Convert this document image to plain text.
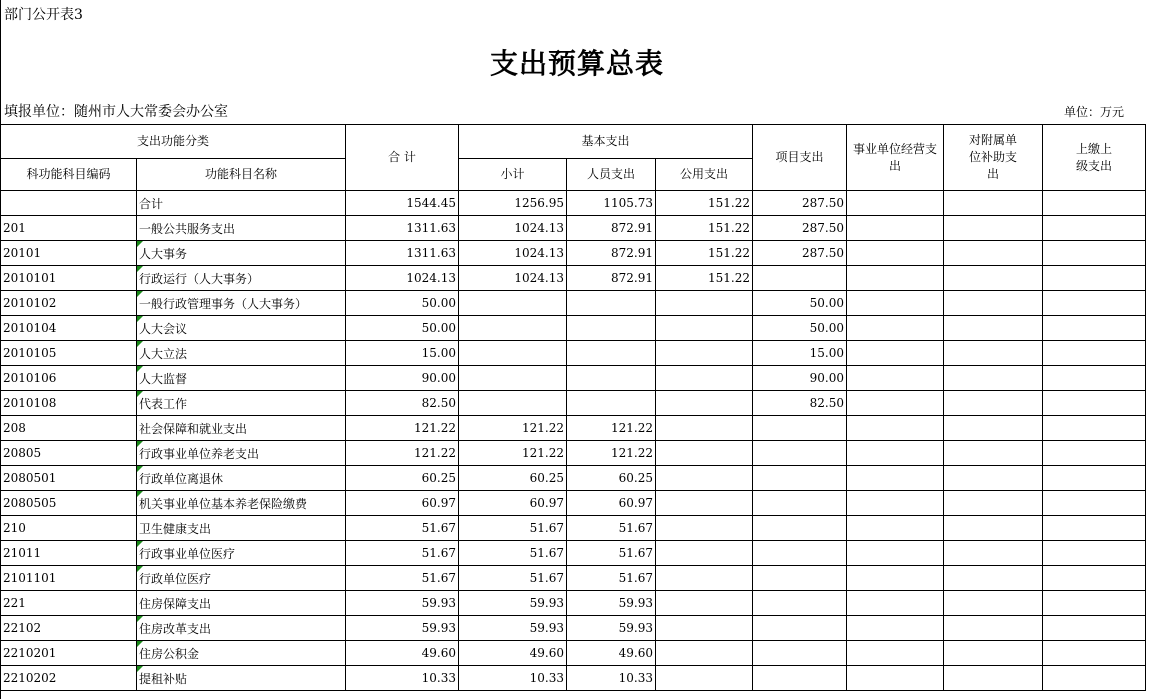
部门公开表3
支出预算总表
填报单位：随州市人大常委会办公室	单位：万元
支出功能分类		合 计	基本支出			项目支出	事业单位经营支出	对附属单位补助支出	上缴上级支出
科功能科目编码	功能科目名称		小计	人员支出	公用支出				
	合计	1544.45	1256.95	1105.73	151.22	287.50			
201	一般公共服务支出	1311.63	1024.13	872.91	151.22	287.50			
20101	人大事务	1311.63	1024.13	872.91	151.22	287.50			
2010101	行政运行（人大事务）	1024.13	1024.13	872.91	151.22				
2010102	一般行政管理事务（人大事务）	50.00				50.00			
2010104	人大会议	50.00				50.00			
2010105	人大立法	15.00				15.00			
2010106	人大监督	90.00				90.00			
2010108	代表工作	82.50				82.50			
208	社会保障和就业支出	121.22	121.22	121.22					
20805	行政事业单位养老支出	121.22	121.22	121.22					
2080501	行政单位离退休	60.25	60.25	60.25					
2080505	机关事业单位基本养老保险缴费	60.97	60.97	60.97					
210	卫生健康支出	51.67	51.67	51.67					
21011	行政事业单位医疗	51.67	51.67	51.67					
2101101	行政单位医疗	51.67	51.67	51.67					
221	住房保障支出	59.93	59.93	59.93					
22102	住房改革支出	59.93	59.93	59.93					
2210201	住房公积金	49.60	49.60	49.60					
2210202	提租补贴	10.33	10.33	10.33					
